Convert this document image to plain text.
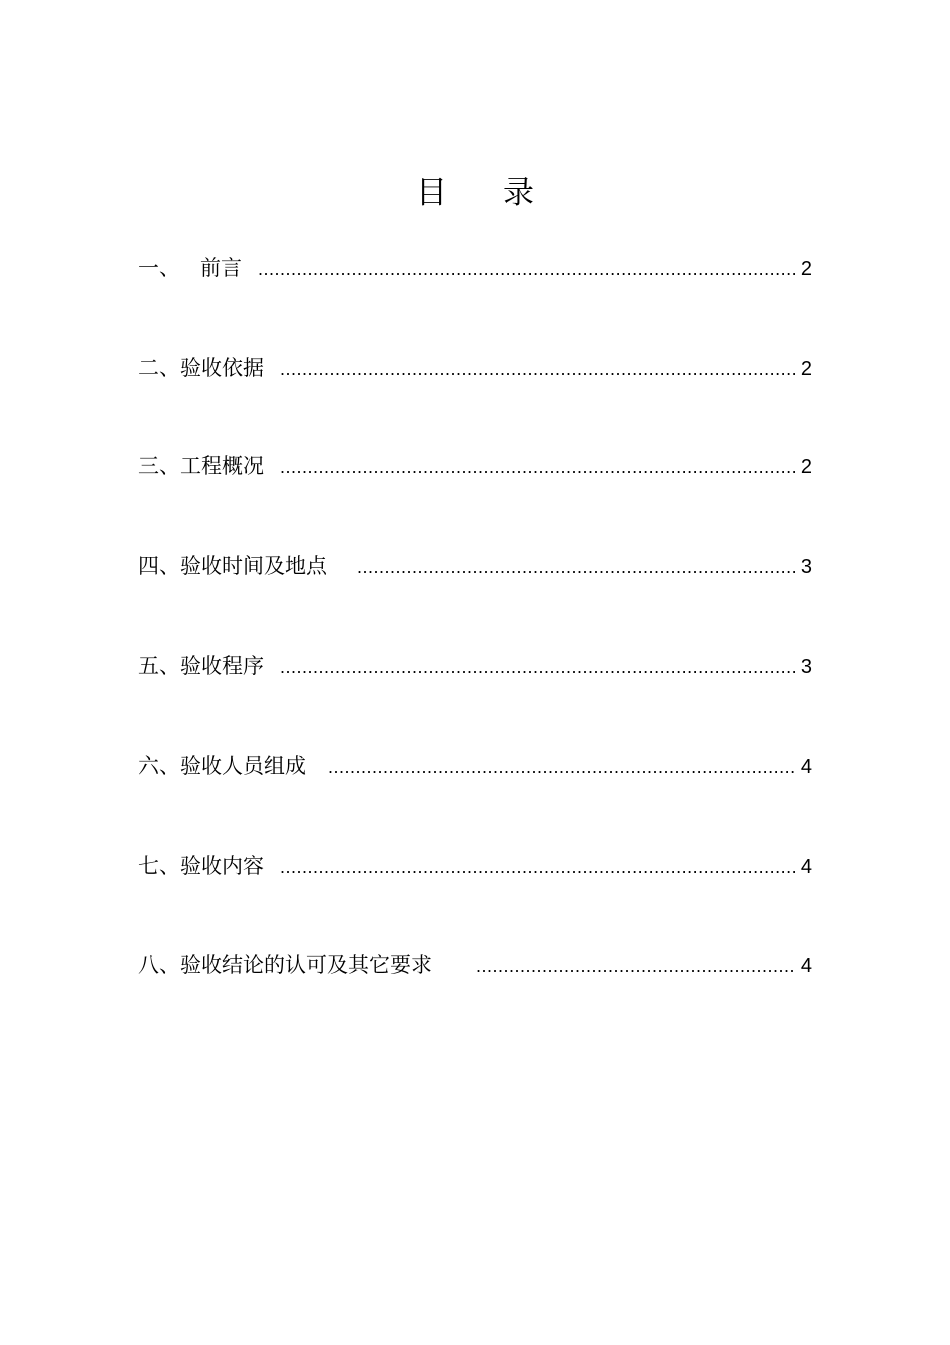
目录
一、 前言 .....	2
二、 验收依据 .....	2
三、 工程概况 .....	2
四、 验收时间及地点 .....	3
五、 验收程序 .....	3
六、 验收人员组成 .....	4
七、 验收内容 .....	4
八、 验收结论的认可及其它要求 .....	4
